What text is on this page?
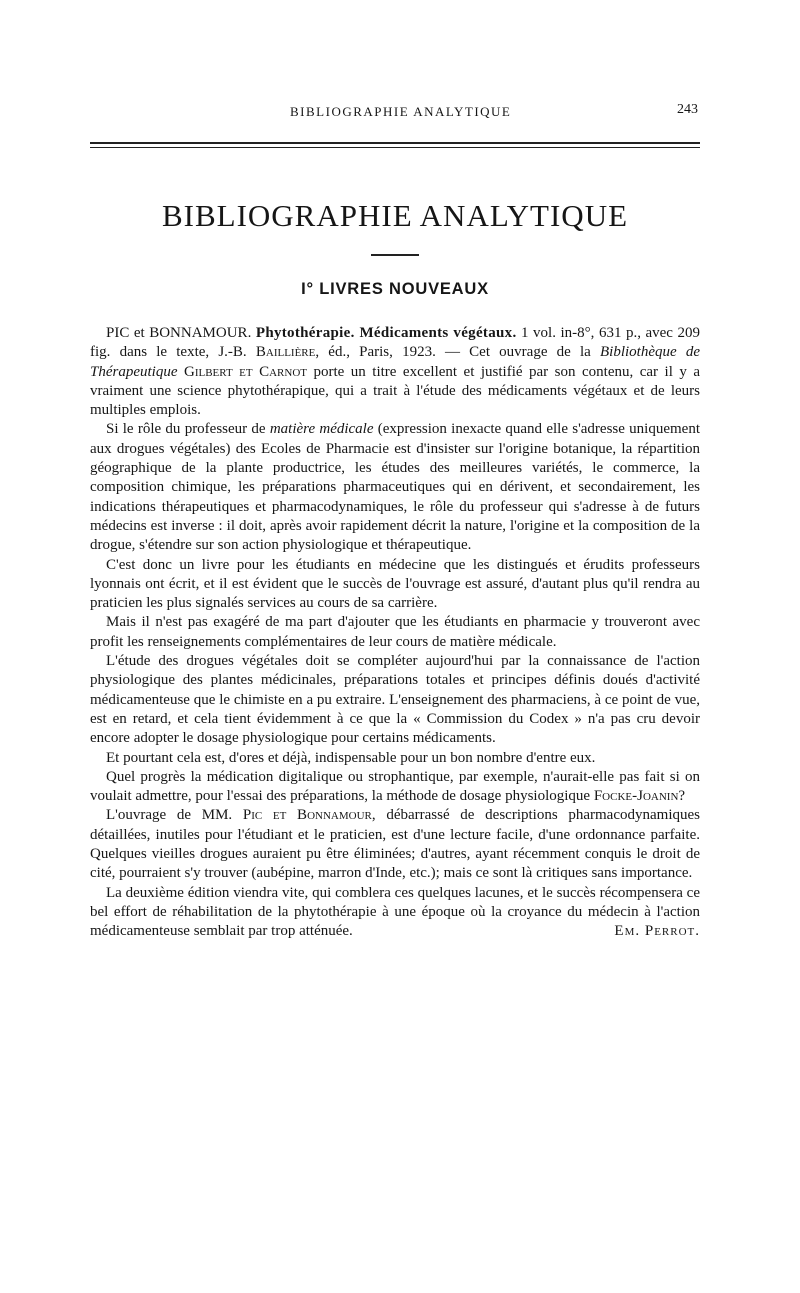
BIBLIOGRAPHIE ANALYTIQUE	243
BIBLIOGRAPHIE ANALYTIQUE
I° LIVRES NOUVEAUX

PIC et BONNAMOUR. Phytothérapie. Médicaments végétaux. 1 vol. in-8°, 631 p., avec 209 fig. dans le texte, J.-B. Baillière, éd., Paris, 1923. — Cet ouvrage de la Bibliothèque de Thérapeutique Gilbert et Carnot porte un titre excellent et justifié par son contenu, car il y a vraiment une science phytothérapique, qui a trait à l'étude des médicaments végétaux et de leurs multiples emplois.

Si le rôle du professeur de matière médicale (expression inexacte quand elle s'adresse uniquement aux drogues végétales) des Ecoles de Pharmacie est d'insister sur l'origine botanique, la répartition géographique de la plante productrice, les études des meilleures variétés, le commerce, la composition chimique, les préparations pharmaceutiques qui en dérivent, et secondairement, les indications thérapeutiques et pharmacodynamiques, le rôle du professeur qui s'adresse à de futurs médecins est inverse : il doit, après avoir rapidement décrit la nature, l'origine et la composition de la drogue, s'étendre sur son action physiologique et thérapeutique.

C'est donc un livre pour les étudiants en médecine que les distingués et érudits professeurs lyonnais ont écrit, et il est évident que le succès de l'ouvrage est assuré, d'autant plus qu'il rendra au praticien les plus signalés services au cours de sa carrière.

Mais il n'est pas exagéré de ma part d'ajouter que les étudiants en pharmacie y trouveront avec profit les renseignements complémentaires de leur cours de matière médicale.

L'étude des drogues végétales doit se compléter aujourd'hui par la connaissance de l'action physiologique des plantes médicinales, préparations totales et principes définis doués d'activité médicamenteuse que le chimiste en a pu extraire. L'enseignement des pharmaciens, à ce point de vue, est en retard, et cela tient évidemment à ce que la « Commission du Codex » n'a pas cru devoir encore adopter le dosage physiologique pour certains médicaments.

Et pourtant cela est, d'ores et déjà, indispensable pour un bon nombre d'entre eux.

Quel progrès la médication digitalique ou strophantique, par exemple, n'aurait-elle pas fait si on voulait admettre, pour l'essai des préparations, la méthode de dosage physiologique Focke-Joanin?

L'ouvrage de MM. Pic et Bonnamour, débarrassé de descriptions pharmacodynamiques détaillées, inutiles pour l'étudiant et le praticien, est d'une lecture facile, d'une ordonnance parfaite. Quelques vieilles drogues auraient pu être éliminées; d'autres, ayant récemment conquis le droit de cité, pourraient s'y trouver (aubépine, marron d'Inde, etc.); mais ce sont là critiques sans importance.

La deuxième édition viendra vite, qui comblera ces quelques lacunes, et le succès récompensera ce bel effort de réhabilitation de la phytothérapie à une époque où la croyance du médecin à l'action médicamenteuse semblait par trop atténuée.	Em. Perrot.
